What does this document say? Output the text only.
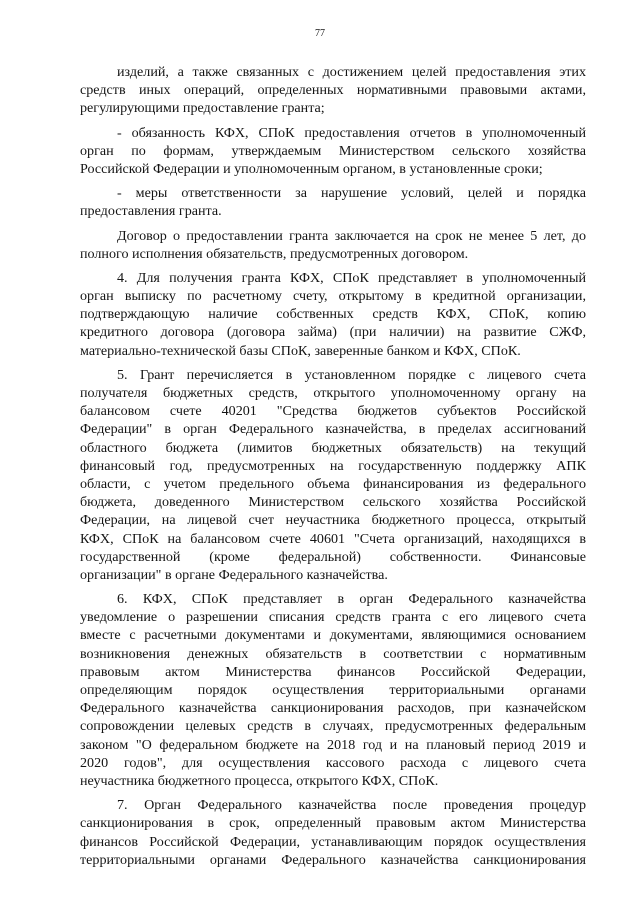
77
изделий, а также связанных с достижением целей предоставления этих
средств иных операций, определенных нормативными правовыми актами,
регулирующими предоставление гранта;
- обязанность КФХ, СПоК предоставления отчетов в уполномоченный
орган по формам, утверждаемым Министерством сельского хозяйства
Российской Федерации и уполномоченным органом, в установленные сроки;
- меры ответственности за нарушение условий, целей и порядка
предоставления гранта.
Договор о предоставлении гранта заключается на срок не менее 5 лет, до
полного исполнения обязательств, предусмотренных договором.
4. Для получения гранта КФХ, СПоК представляет в уполномоченный
орган выписку по расчетному счету, открытому в кредитной организации,
подтверждающую наличие собственных средств КФХ, СПоК, копию
кредитного договора (договора займа) (при наличии) на развитие СЖФ,
материально-технической базы СПоК, заверенные банком и КФХ, СПоК.
5. Грант перечисляется в установленном порядке с лицевого счета
получателя бюджетных средств, открытого уполномоченному органу на
балансовом счете 40201 "Средства бюджетов субъектов Российской
Федерации" в орган Федерального казначейства, в пределах ассигнований
областного бюджета (лимитов бюджетных обязательств) на текущий
финансовый год, предусмотренных на государственную поддержку АПК
области, с учетом предельного объема финансирования из федерального
бюджета, доведенного Министерством сельского хозяйства Российской
Федерации, на лицевой счет неучастника бюджетного процесса, открытый
КФХ, СПоК на балансовом счете 40601 "Счета организаций, находящихся в
государственной (кроме федеральной) собственности. Финансовые
организации" в органе Федерального казначейства.
6. КФХ, СПоК представляет в орган Федерального казначейства
уведомление о разрешении списания средств гранта с его лицевого счета
вместе с расчетными документами и документами, являющимися основанием
возникновения денежных обязательств в соответствии с нормативным
правовым актом Министерства финансов Российской Федерации,
определяющим порядок осуществления территориальными органами
Федерального казначейства санкционирования расходов, при казначейском
сопровождении целевых средств в случаях, предусмотренных федеральным
законом "О федеральном бюджете на 2018 год и на плановый период 2019 и
2020 годов", для осуществления кассового расхода с лицевого счета
неучастника бюджетного процесса, открытого КФХ, СПоК.
7. Орган Федерального казначейства после проведения процедур
санкционирования в срок, определенный правовым актом Министерства
финансов Российской Федерации, устанавливающим порядок осуществления
территориальными органами Федерального казначейства санкционирования
